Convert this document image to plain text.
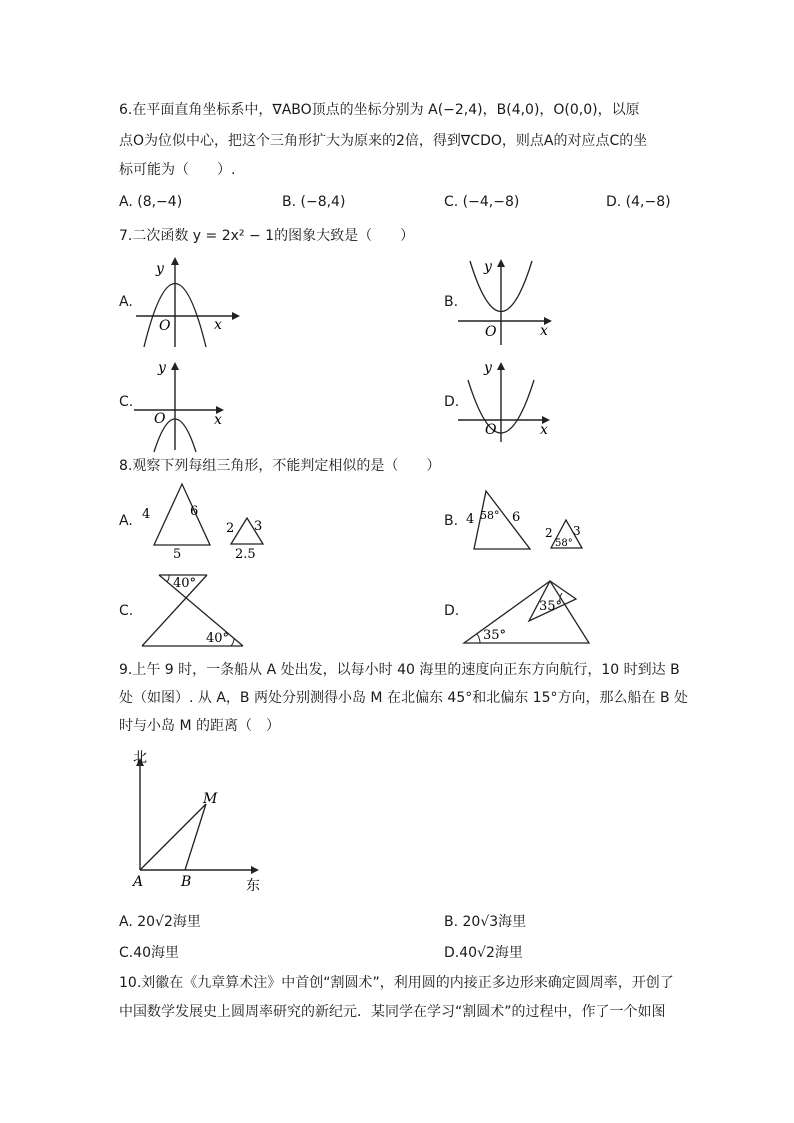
6.在平面直角坐标系中，∇ABO顶点的坐标分别为 A(−2,4)，B(4,0)，O(0,0)，以原
点O为位似中心，把这个三角形扩大为原来的2倍，得到∇CDO，则点A的对应点C的坐
标可能为（　　）.
A. (8,−4)	B. (−8,4)	C. (−4,−8)	D. (4,−8)
7.二次函数 y = 2x² − 1的图象大致是（　　）
A.
y
O	x
B.
y
O	x
C.
y
O	x
D.
y
O	x
8.观察下列每组三角形，不能判定相似的是（　　）
A. 4	6
5
2 3
2.5
B. 4	6
58°
2 3
58°
C.
40°
40°
D.
35°
35°
9.上午 9 时，一条船从 A 处出发，以每小时 40 海里的速度向正东方向航行，10 时到达 B
处（如图）. 从 A，B 两处分别测得小岛 M 在北偏东 45°和北偏东 15°方向，那么船在 B 处
时与小岛 M 的距离（　）
北
M
A	B	东
A. 20√2海里	B. 20√3海里
C.40海里	D.40√2海里
10.刘徽在《九章算术注》中首创“割圆术”，利用圆的内接正多边形来确定圆周率，开创了
中国数学发展史上圆周率研究的新纪元．某同学在学习“割圆术”的过程中，作了一个如图
